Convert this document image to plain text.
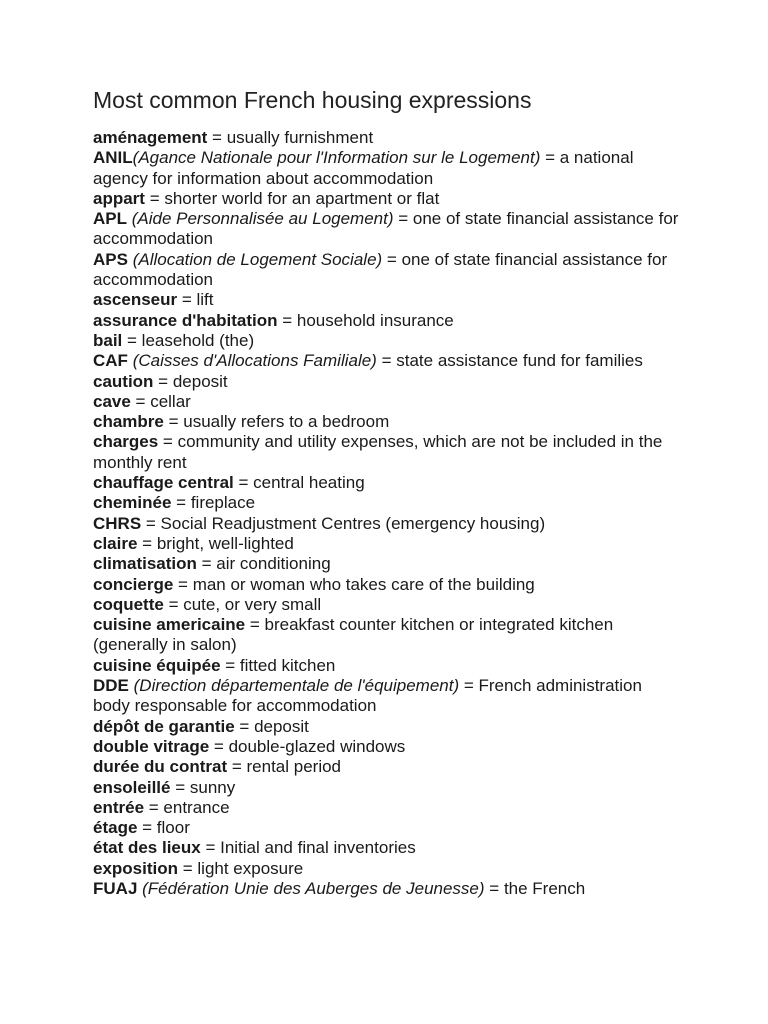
Most common French housing expressions

aménagement = usually furnishment

ANIL(Agance Nationale pour l'Information sur le Logement) = a national agency for information about accommodation

appart = shorter world for an apartment or flat

APL (Aide Personnalisée au Logement) = one of state financial assistance for accommodation

APS (Allocation de Logement Sociale) = one of state financial assistance for accommodation

ascenseur = lift

assurance d'habitation = household insurance

bail = leasehold (the)

CAF (Caisses d'Allocations Familiale) = state assistance fund for families

caution = deposit

cave = cellar

chambre = usually refers to a bedroom

charges = community and utility expenses, which are not be included in the monthly rent

chauffage central = central heating

cheminée = fireplace

CHRS = Social Readjustment Centres (emergency housing)

claire = bright, well-lighted

climatisation = air conditioning

concierge = man or woman who takes care of the building

coquette = cute, or very small

cuisine americaine = breakfast counter kitchen or integrated kitchen (generally in salon)

cuisine équipée = fitted kitchen

DDE (Direction départementale de l'équipement) = French administration body responsable for accommodation

dépôt de garantie = deposit

double vitrage = double-glazed windows

durée du contrat = rental period

ensoleillé = sunny

entrée = entrance

étage = floor

état des lieux = Initial and final inventories

exposition = light exposure

FUAJ (Fédération Unie des Auberges de Jeunesse) = the French
